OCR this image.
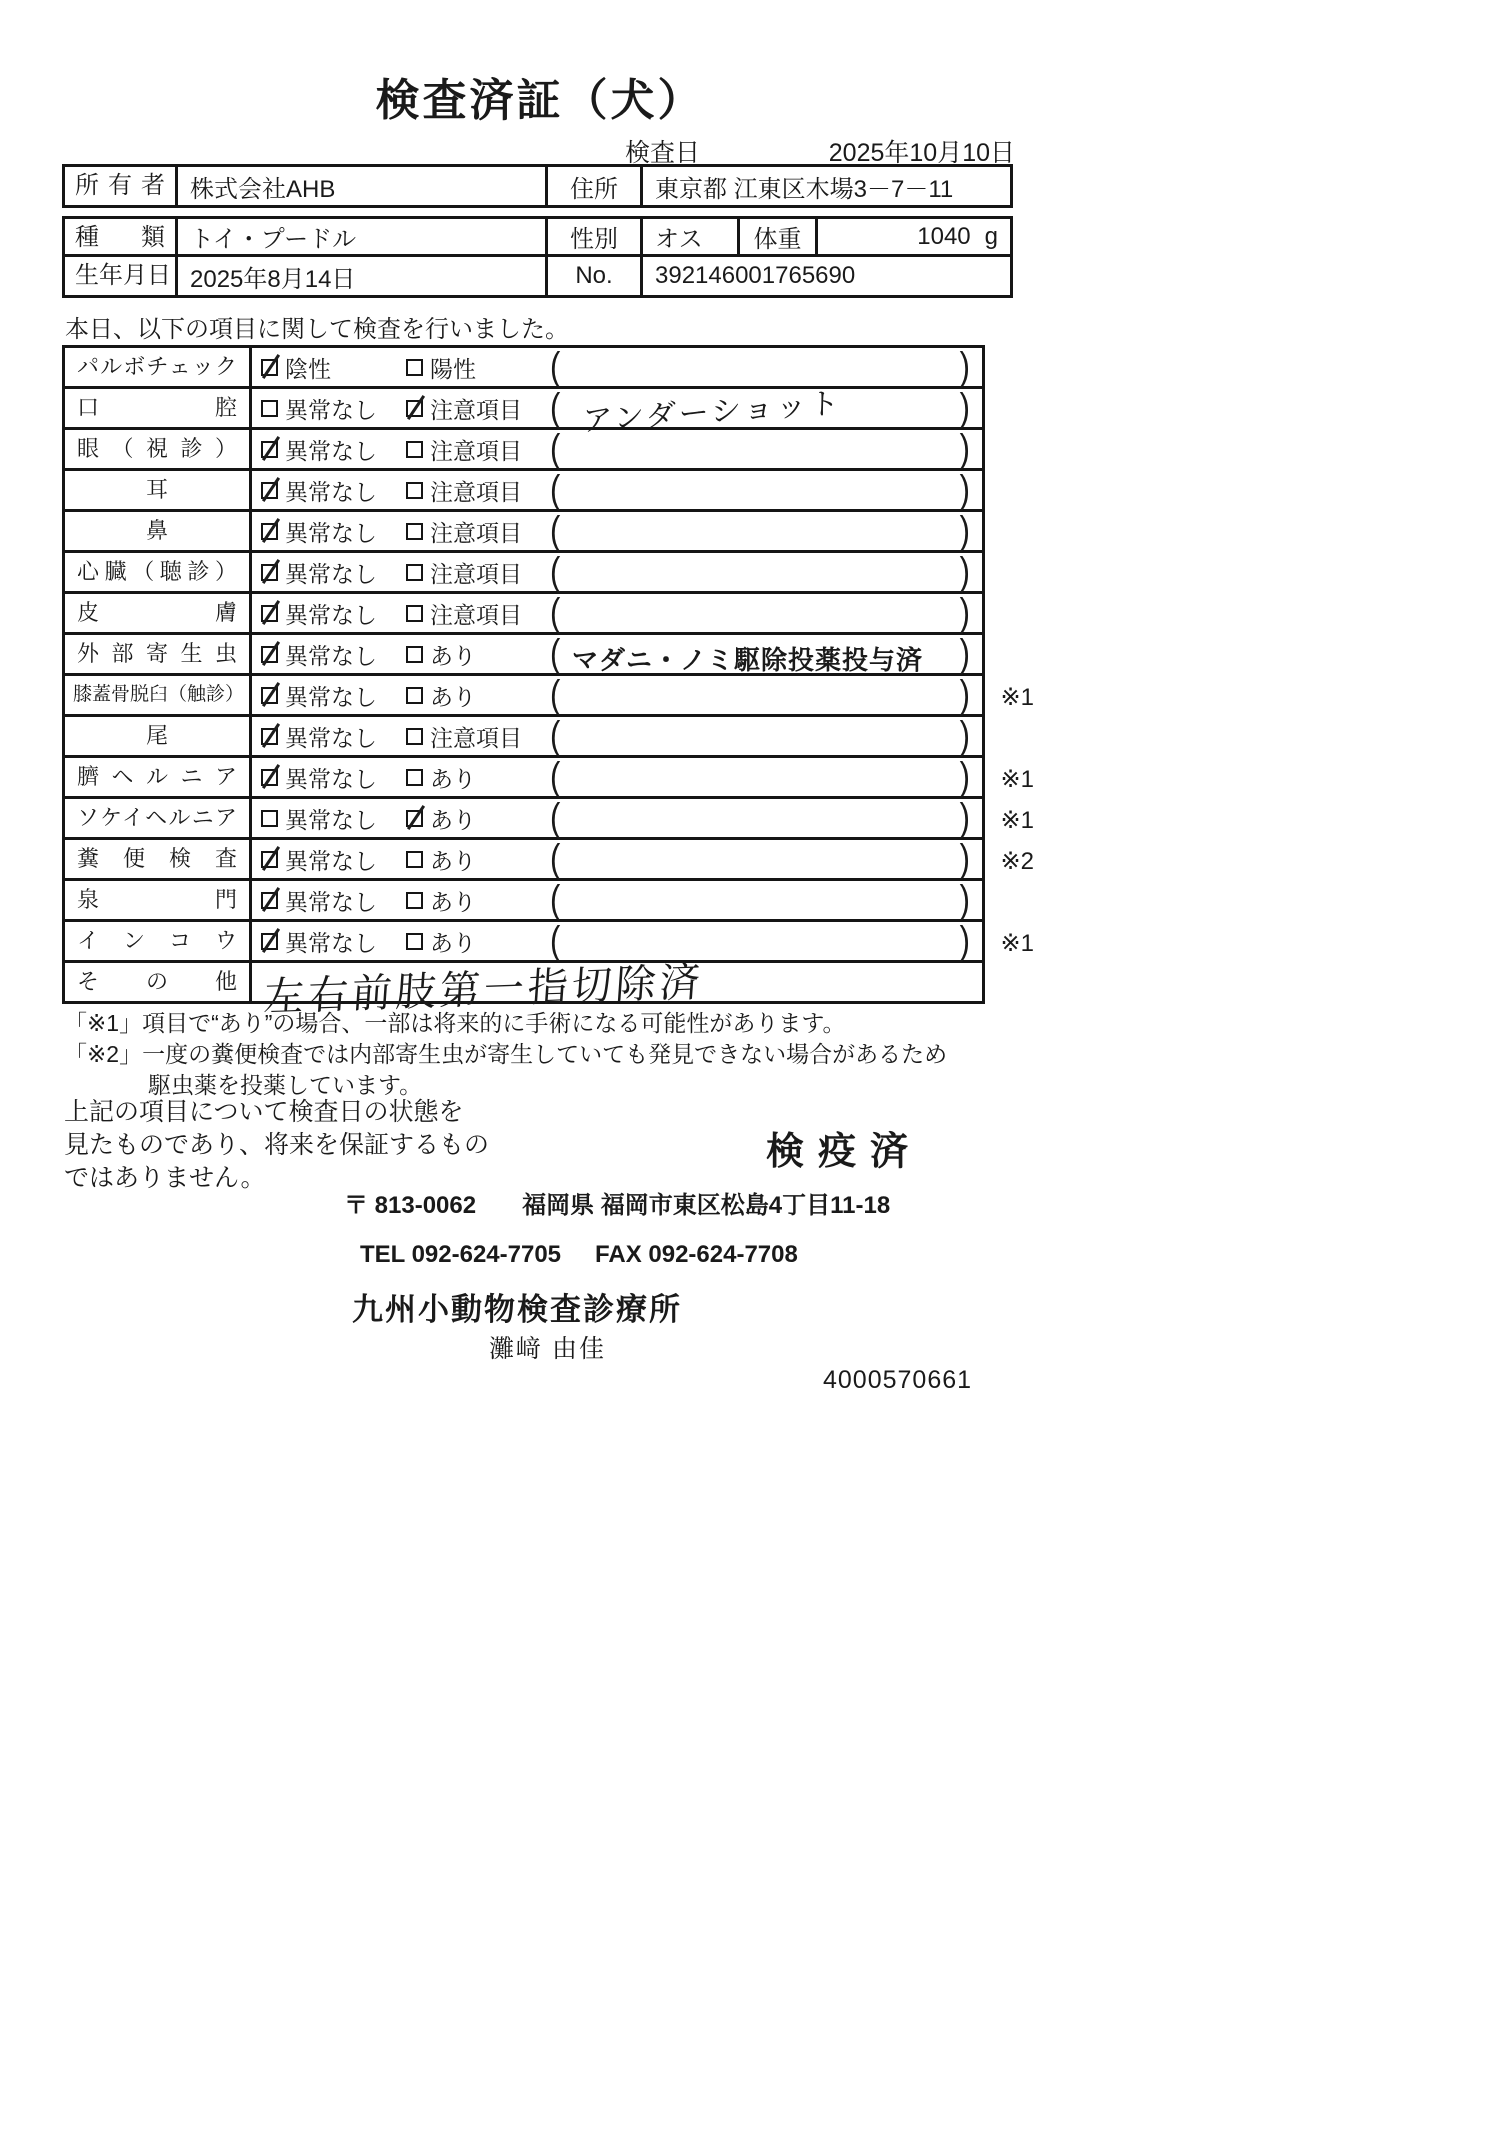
検査済証（犬）
検査日	2025年10月10日
所有者	株式会社AHB	住所	東京都 江東区木場3－7－11
種類	トイ・プードル	性別	オス	体重	1040 g
生年月日 2025年8月14日	No.	392146001765690
本日、以下の項目に関して検査を行いました。
パルボチェック	陰性	陽性 (	)
口腔	異常なし 注意項目 ( アンダーショット	)
眼（視診）	異常なし 注意項目 (	)
耳	異常なし 注意項目 (	)
鼻	異常なし 注意項目 (	)
心臓（聴診）	異常なし 注意項目 (	)
皮膚	異常なし 注意項目 (	)
外部寄生虫	異常なし あり ( マダニ・ノミ駆除投薬投与済 )
膝蓋骨脱臼（触診）	異常なし あり (	) ※1
尾	異常なし 注意項目 (	)
臍ヘルニア	異常なし あり (	) ※1
ソケイヘルニア	異常なし あり (	) ※1
糞便検査	異常なし あり (	) ※2
泉門	異常なし あり (	)
インコウ	異常なし あり (	) ※1
その他 左右前肢第一指切除済
「※1」項目で“あり”の場合、一部は将来的に手術になる可能性があります。
「※2」一度の糞便検査では内部寄生虫が寄生していても発見できない場合があるため
駆虫薬を投薬しています。
上記の項目について検査日の状態を
見たものであり、将来を保証するもの
ではありません。
検疫済
〒 813-0062 福岡県 福岡市東区松島4丁目11-18
TEL 092-624-7705 FAX 092-624-7708
九州小動物検査診療所
灘﨑 由佳
4000570661
